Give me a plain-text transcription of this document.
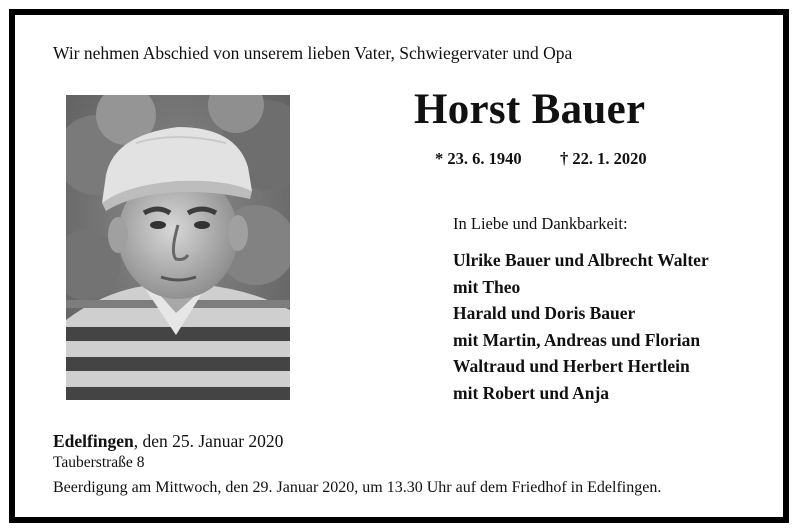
Wir nehmen Abschied von unserem lieben Vater, Schwiegervater und Opa
Horst Bauer
* 23. 6. 1940 † 22. 1. 2020
In Liebe und Dankbarkeit:
Ulrike Bauer und Albrecht Walter
mit Theo
Harald und Doris Bauer
mit Martin, Andreas und Florian
Waltraud und Herbert Hertlein
mit Robert und Anja
Edelfingen, den 25. Januar 2020
Tauberstraße 8
Beerdigung am Mittwoch, den 29. Januar 2020, um 13.30 Uhr auf dem Friedhof in Edelfingen.
